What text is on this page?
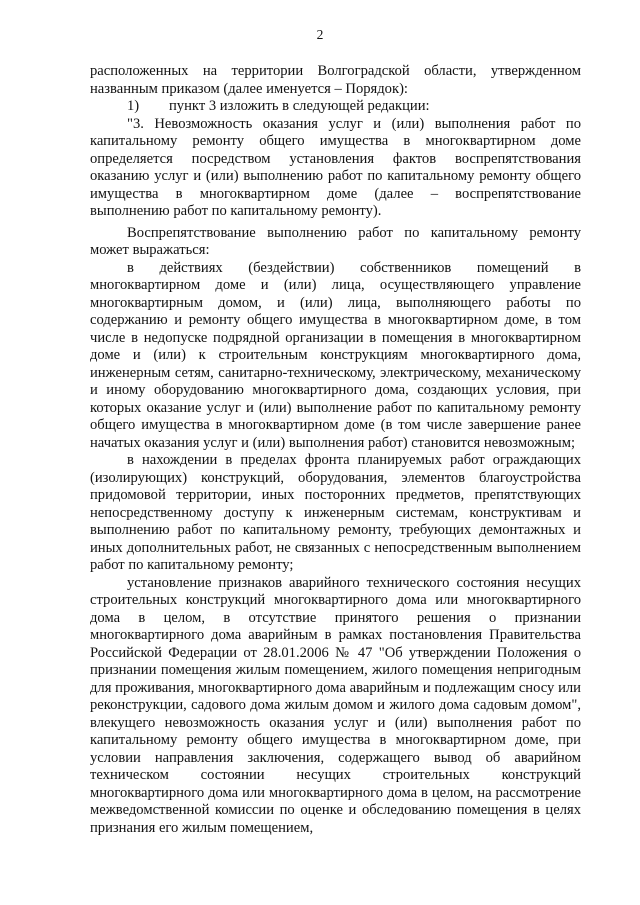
2

расположенных на территории Волгоградской области, утвержденном названным приказом (далее именуется – Порядок):

1) пункт 3 изложить в следующей редакции:

"3. Невозможность оказания услуг и (или) выполнения работ по капитальному ремонту общего имущества в многоквартирном доме определяется посредством установления фактов воспрепятствования оказанию услуг и (или) выполнению работ по капитальному ремонту общего имущества в многоквартирном доме (далее – воспрепятствование выполнению работ по капитальному ремонту).

Воспрепятствование выполнению работ по капитальному ремонту может выражаться:

в действиях (бездействии) собственников помещений в многоквартирном доме и (или) лица, осуществляющего управление многоквартирным домом, и (или) лица, выполняющего работы по содержанию и ремонту общего имущества в многоквартирном доме, в том числе в недопуске подрядной организации в помещения в многоквартирном доме и (или) к строительным конструкциям многоквартирного дома, инженерным сетям, санитарно-техническому, электрическому, механическому и иному оборудованию многоквартирного дома, создающих условия, при которых оказание услуг и (или) выполнение работ по капитальному ремонту общего имущества в многоквартирном доме (в том числе завершение ранее начатых оказания услуг и (или) выполнения работ) становится невозможным;

в нахождении в пределах фронта планируемых работ ограждающих (изолирующих) конструкций, оборудования, элементов благоустройства придомовой территории, иных посторонних предметов, препятствующих непосредственному доступу к инженерным системам, конструктивам и выполнению работ по капитальному ремонту, требующих демонтажных и иных дополнительных работ, не связанных с непосредственным выполнением работ по капитальному ремонту;

установление признаков аварийного технического состояния несущих строительных конструкций многоквартирного дома или многоквартирного дома в целом, в отсутствие принятого решения о признании многоквартирного дома аварийным в рамках постановления Правительства Российской Федерации от 28.01.2006 № 47 "Об утверждении Положения о признании помещения жилым помещением, жилого помещения непригодным для проживания, многоквартирного дома аварийным и подлежащим сносу или реконструкции, садового дома жилым домом и жилого дома садовым домом", влекущего невозможность оказания услуг и (или) выполнения работ по капитальному ремонту общего имущества в многоквартирном доме, при условии направления заключения, содержащего вывод об аварийном техническом состоянии несущих строительных конструкций многоквартирного дома или многоквартирного дома в целом, на рассмотрение межведомственной комиссии по оценке и обследованию помещения в целях признания его жилым помещением,
